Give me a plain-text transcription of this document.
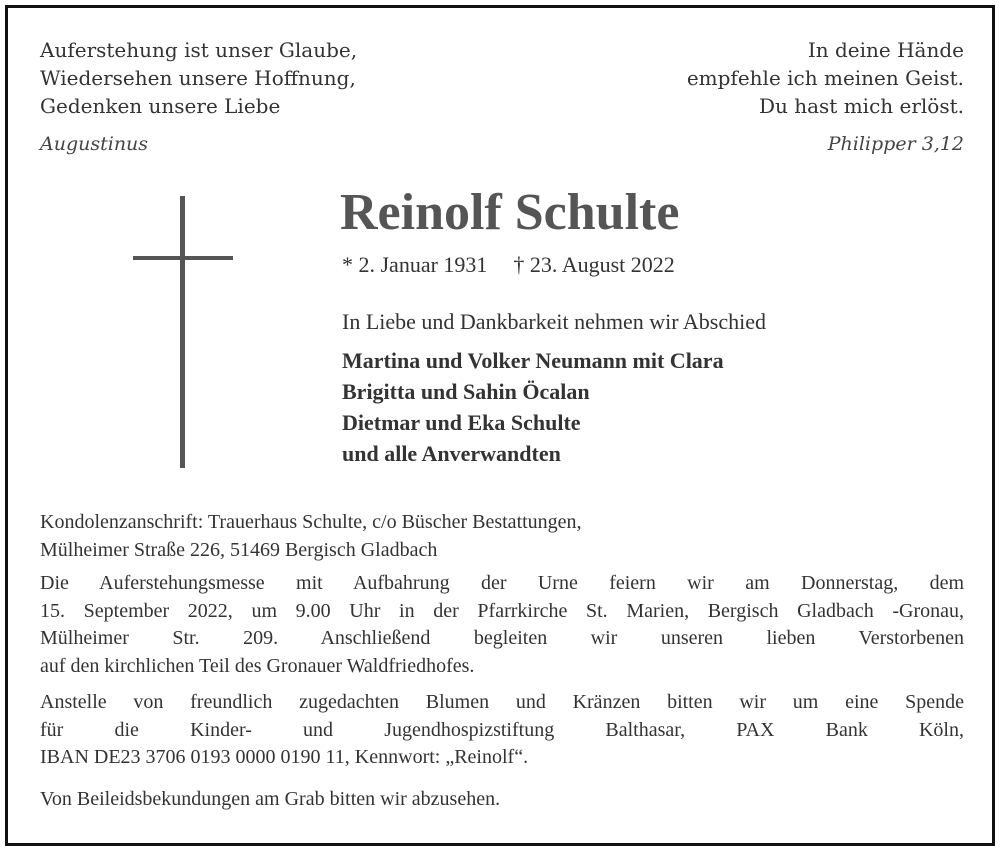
Auferstehung ist unser Glaube,
Wiedersehen unsere Hoffnung,
Gedenken unsere Liebe
Augustinus
In deine Hände
empfehle ich meinen Geist.
Du hast mich erlöst.
Philipper 3,12
Reinolf Schulte
* 2. Januar 1931 † 23. August 2022
In Liebe und Dankbarkeit nehmen wir Abschied
Martina und Volker Neumann mit Clara
Brigitta und Sahin Öcalan
Dietmar und Eka Schulte
und alle Anverwandten
Kondolenzanschrift: Trauerhaus Schulte, c/o Büscher Bestattungen,
Mülheimer Straße 226, 51469 Bergisch Gladbach
Die Auferstehungsmesse mit Aufbahrung der Urne feiern wir am Donnerstag, dem
15. September 2022, um 9.00 Uhr in der Pfarrkirche St. Marien, Bergisch Gladbach -Gronau,
Mülheimer Str. 209. Anschließend begleiten wir unseren lieben Verstorbenen
auf den kirchlichen Teil des Gronauer Waldfriedhofes.
Anstelle von freundlich zugedachten Blumen und Kränzen bitten wir um eine Spende
für die Kinder- und Jugendhospizstiftung Balthasar, PAX Bank Köln,
IBAN DE23 3706 0193 0000 0190 11, Kennwort: „Reinolf“.
Von Beileidsbekundungen am Grab bitten wir abzusehen.
